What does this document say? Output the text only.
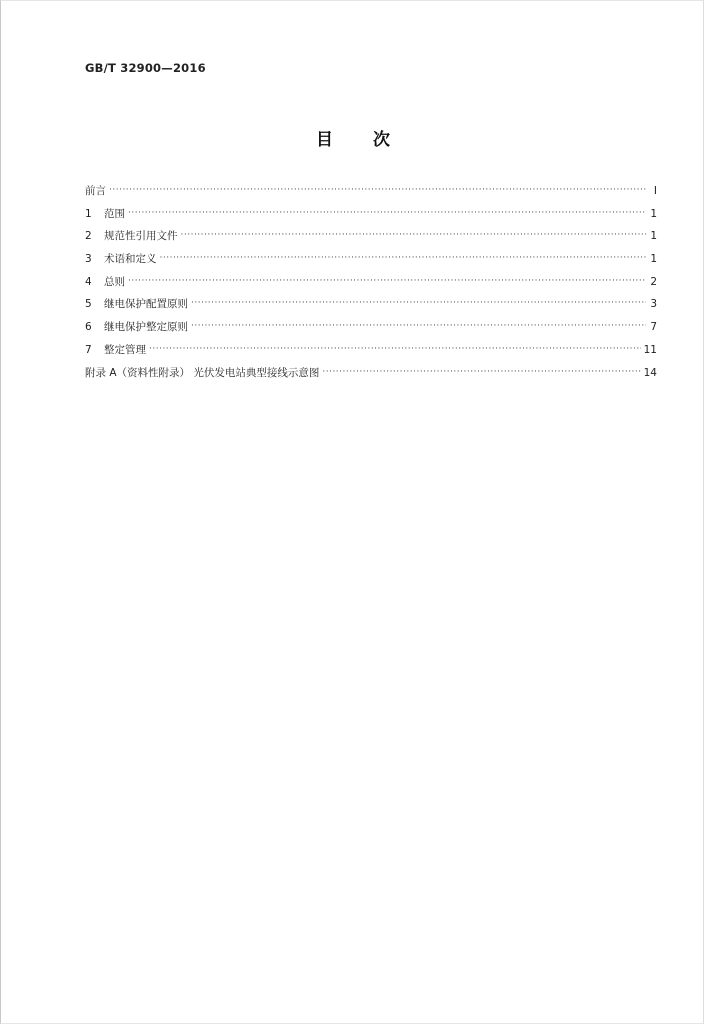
GB/T 32900—2016
目 次
前言 ·····	Ⅰ
1	范围 ·····	1
2	规范性引用文件 ·····	1
3	术语和定义 ·····	1
4	总则 ·····	2
5	继电保护配置原则 ·····	3
6	继电保护整定原则 ·····	7
7	整定管理 ·····	11
附录 A（资料性附录） 光伏发电站典型接线示意图 ·····	14
